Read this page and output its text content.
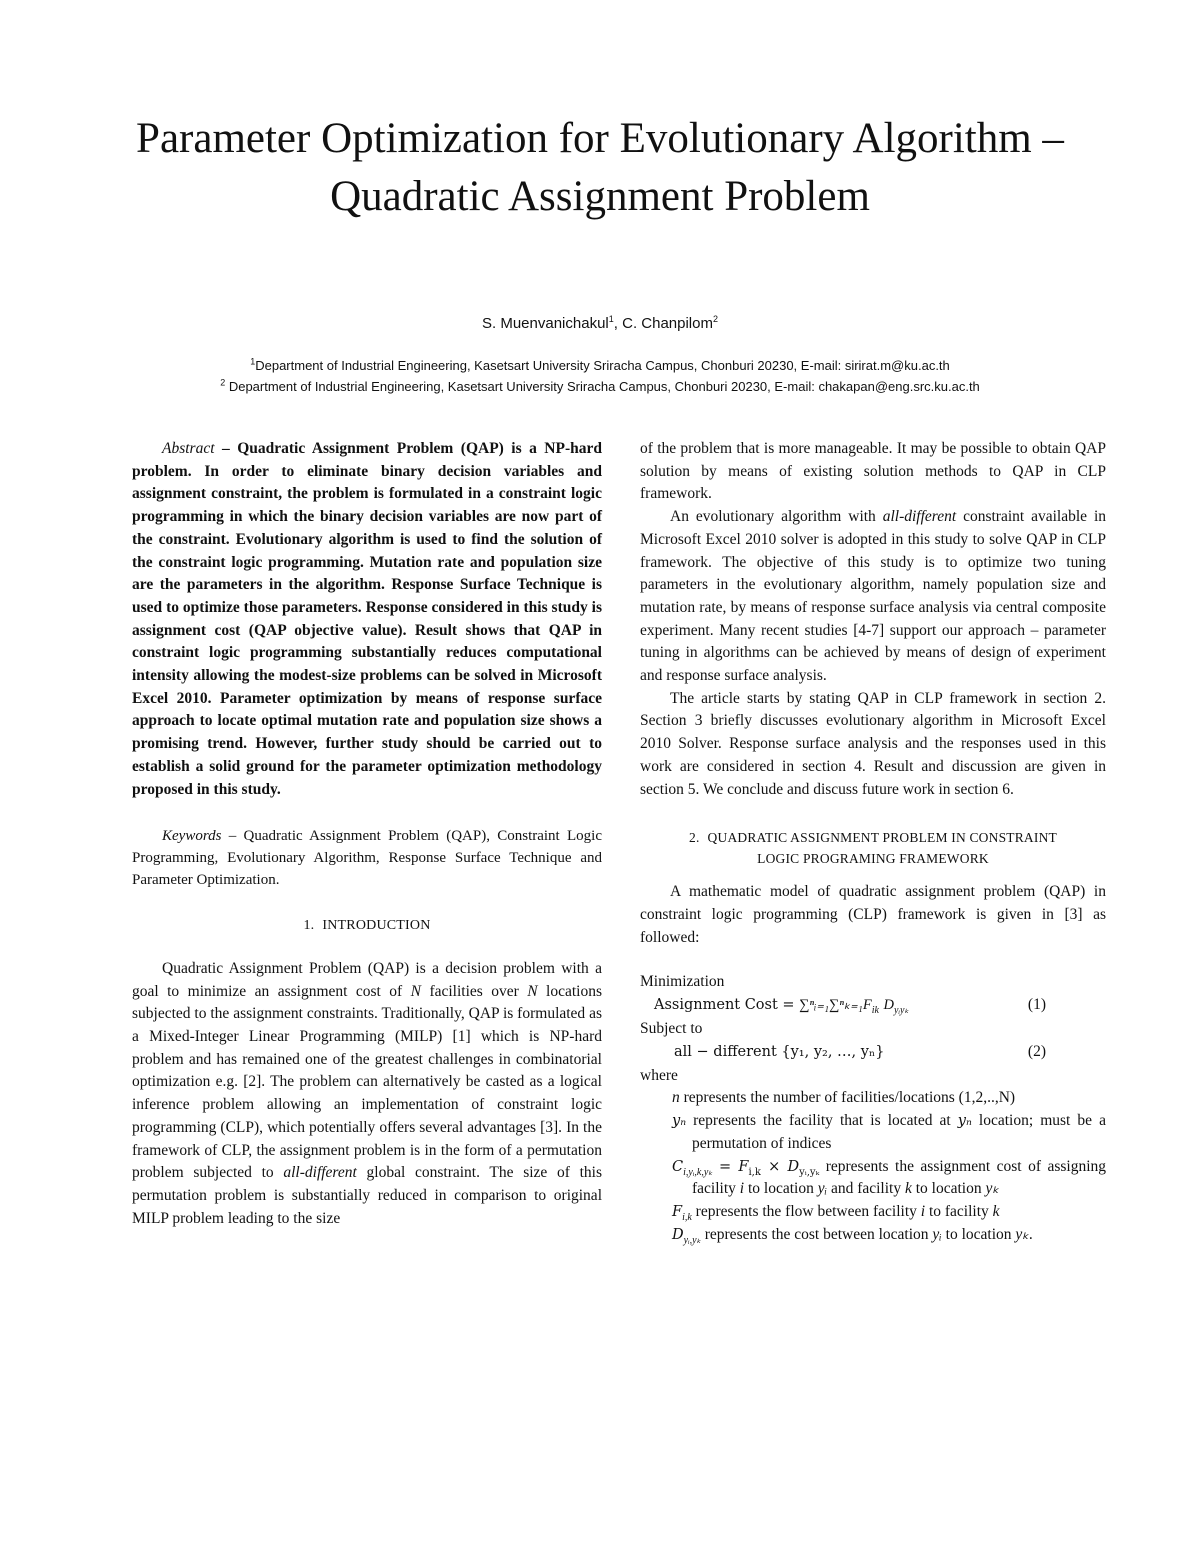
Parameter Optimization for Evolutionary Algorithm –
Quadratic Assignment Problem
S. Muenvanichakul$^1$, C. Chanpilom$^2$
$^1$Department of Industrial Engineering, Kasetsart University Sriracha Campus, Chonburi 20230, E-mail: sirirat.m@ku.ac.th
$^2$ Department of Industrial Engineering, Kasetsart University Sriracha Campus, Chonburi 20230, E-mail: chakapan@eng.src.ku.ac.th

Abstract – Quadratic Assignment Problem (QAP) is a NP-hard problem. In order to eliminate binary decision variables and assignment constraint, the problem is formulated in a constraint logic programming in which the binary decision variables are now part of the constraint. Evolutionary algorithm is used to find the solution of the constraint logic programming. Mutation rate and population size are the parameters in the algorithm. Response Surface Technique is used to optimize those parameters. Response considered in this study is assignment cost (QAP objective value). Result shows that QAP in constraint logic programming substantially reduces computational intensity allowing the modest-size problems can be solved in Microsoft Excel 2010. Parameter optimization by means of response surface approach to locate optimal mutation rate and population size shows a promising trend. However, further study should be carried out to establish a solid ground for the parameter optimization methodology proposed in this study.

Keywords – Quadratic Assignment Problem (QAP), Constraint Logic Programming, Evolutionary Algorithm, Response Surface Technique and Parameter Optimization.

1. INTRODUCTION

Quadratic Assignment Problem (QAP) is a decision problem with a goal to minimize an assignment cost of N facilities over N locations subjected to the assignment constraints. Traditionally, QAP is formulated as a Mixed-Integer Linear Programming (MILP) [1] which is NP-hard problem and has remained one of the greatest challenges in combinatorial optimization e.g. [2]. The problem can alternatively be casted as a logical inference problem allowing an implementation of constraint logic programming (CLP), which potentially offers several advantages [3]. In the framework of CLP, the assignment problem is in the form of a permutation problem subjected to all-different global constraint. The size of this permutation problem is substantially reduced in comparison to original MILP problem leading to the size

of the problem that is more manageable. It may be possible to obtain QAP solution by means of existing solution methods to QAP in CLP framework.

An evolutionary algorithm with all-different constraint available in Microsoft Excel 2010 solver is adopted in this study to solve QAP in CLP framework. The objective of this study is to optimize two tuning parameters in the evolutionary algorithm, namely population size and mutation rate, by means of response surface analysis via central composite experiment. Many recent studies [4-7] support our approach – parameter tuning in algorithms can be achieved by means of design of experiment and response surface analysis.

The article starts by stating QAP in CLP framework in section 2. Section 3 briefly discusses evolutionary algorithm in Microsoft Excel 2010 Solver. Response surface analysis and the responses used in this work are considered in section 4. Result and discussion are given in section 5. We conclude and discuss future work in section 6.

2. QUADRATIC ASSIGNMENT PROBLEM IN CONSTRAINT
LOGIC PROGRAMING FRAMEWORK

A mathematic model of quadratic assignment problem (QAP) in constraint logic programming (CLP) framework is given in [3] as followed:

Minimization

Assignment Cost = $\sum^nᵢ_{=1}\sum^n_{k=1}F_{ik}$ $D_{yᵢy_k}$	(1)

Subject to

all − different {y₁, y₂, …, yₙ}	(2)

where

n represents the number of facilities/locations (1,2,..,N)

yₙ represents the facility that is located at yₙ location; must be a permutation of indices

$C_{i,yᵢ,k,y_k} = F_{i,k} \times D_{yᵢ,y_k}$ represents the assignment cost of assigning facility i to location yᵢ and facility k to location yₖ

$F_{i,k}$ represents the flow between facility i to facility k

$D_{yᵢ,y_k}$ represents the cost between location yᵢ to location yₖ.
